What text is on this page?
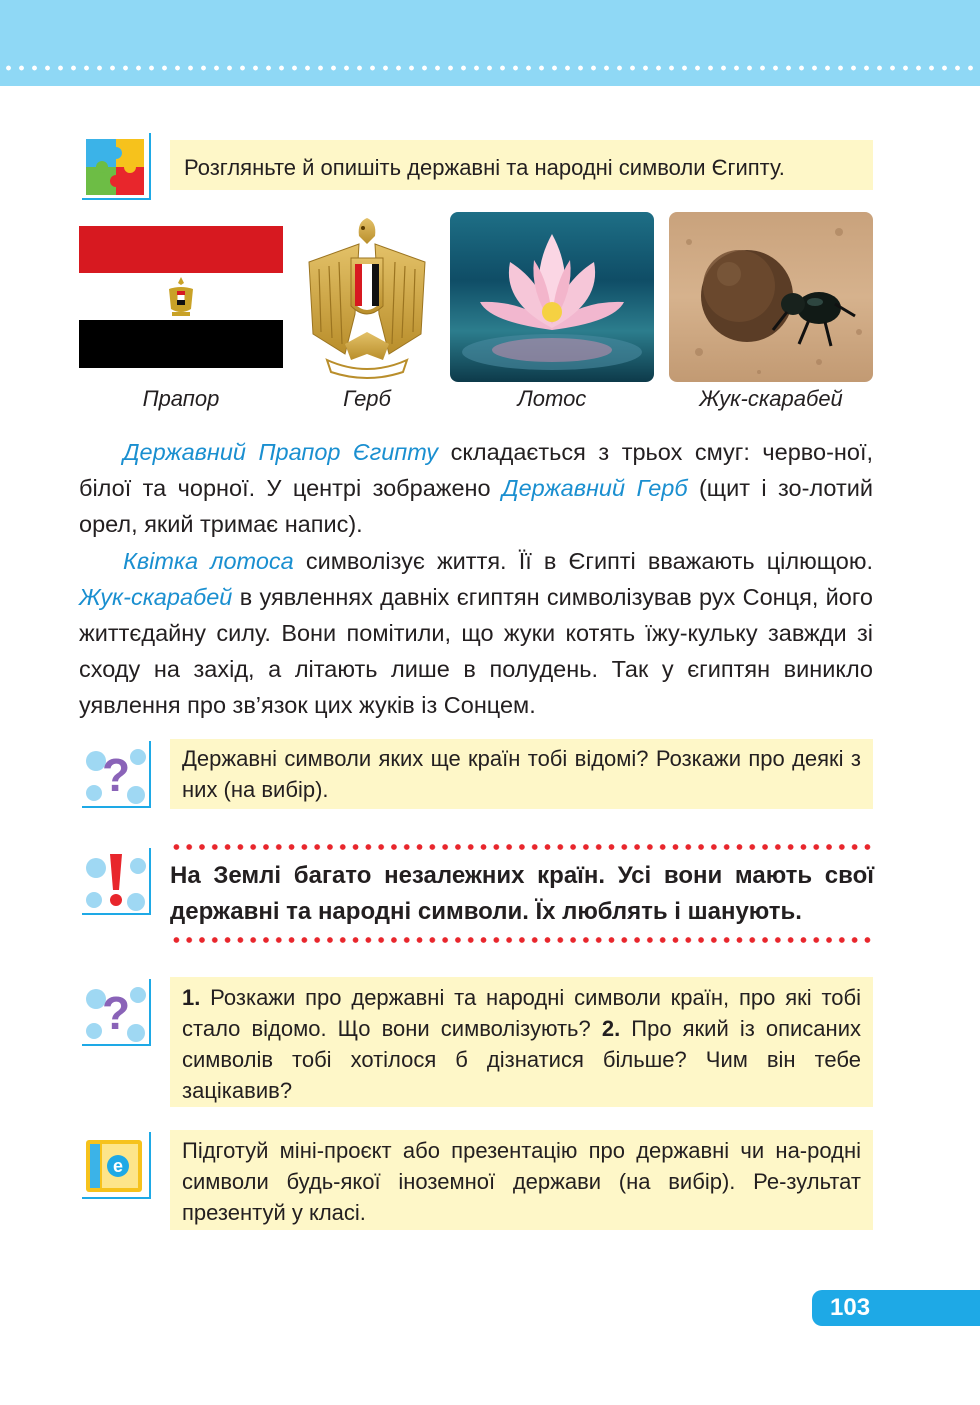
Розгляньте й опишіть державні та народні символи Єгипту.
Прапор	Герб	Лотос	Жук-скарабей
Державний Прапор Єгипту складається з трьох смуг: черво-ної, білої та чорної. У центрі зображено Державний Герб (щит і зо-лотий орел, який тримає напис).
Квітка лотоса символізує життя. Її в Єгипті вважають цілющою. Жук-скарабей в уявленнях давніх єгиптян символізував рух Сонця, його життєдайну силу. Вони помітили, що жуки котять їжу-кульку завжди зі сходу на захід, а літають лише в полудень. Так у єгиптян виникло уявлення про зв’язок цих жуків із Сонцем.
?	Державні символи яких ще країн тобі відомі? Розкажи про деякі з них (на вибір).
На Землі багато незалежних країн. Усі вони мають свої державні та народні символи. Їх люблять і шанують.
?	1. Розкажи про державні та народні символи країн, про які тобі стало відомо. Що вони символізують? 2. Про який із описаних символів тобі хотілося б дізнатися більше? Чим він тебе зацікавив?
e
Підготуй міні-проєкт або презентацію про державні чи на-родні символи будь-якої іноземної держави (на вибір). Ре-зультат презентуй у класі.
103
